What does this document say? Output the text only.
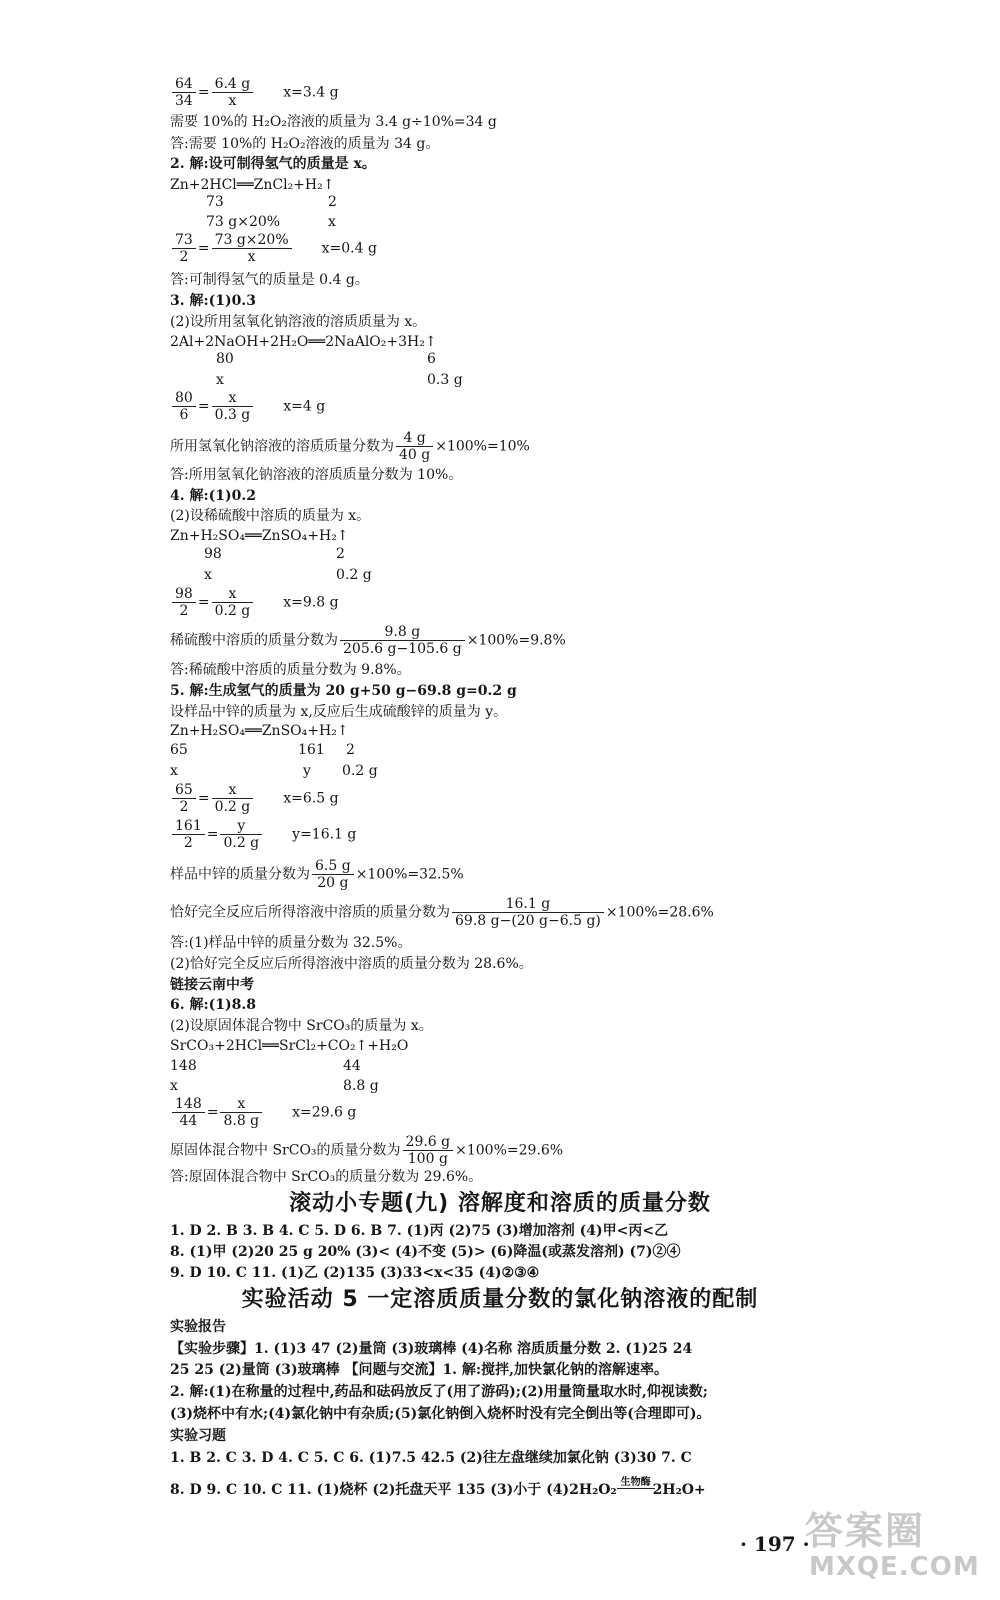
$\frac{64}{34} = \frac{6.4 g}{x} x=3.4$ g
需要 10%的 H₂O₂溶液的质量为 3.4 g÷10%=34 g
答:需要 10%的 H₂O₂溶液的质量为 34 g。
2. 解:设可制得氢气的质量是 x。
Zn+2HCl══ZnCl₂+H₂↑
73	2
73 g×20%	x
$\frac{73}{2} = \frac{73 g\times 20\%}{x} x=0.4$ g
答:可制得氢气的质量是 0.4 g。
3. 解:(1)0.3
(2)设所用氢氧化钠溶液的溶质质量为 x。
2Al+2NaOH+2H₂O══2NaAlO₂+3H₂↑
80	6
x	0.3 g
$\frac{80}{6} = \frac{x}{0.3 g} x=4$ g
所用氢氧化钠溶液的溶质质量分数为 $\frac{4 g}{40 g} \times 100\%=10\%$
答:所用氢氧化钠溶液的溶质质量分数为 10%。
4. 解:(1)0.2
(2)设稀硫酸中溶质的质量为 x。
Zn+H₂SO₄══ZnSO₄+H₂↑
98	2
x	0.2 g
$\frac{98}{2} = \frac{x}{0.2 g} x=9.8$ g
稀硫酸中溶质的质量分数为 $\frac{9.8 g}{205.6 g-105.6 g} \times 100\%=9.8\%$
答:稀硫酸中溶质的质量分数为 9.8%。
5. 解:生成氢气的质量为 20 g+50 g−69.8 g=0.2 g
设样品中锌的质量为 x,反应后生成硫酸锌的质量为 y。
Zn+H₂SO₄══ZnSO₄+H₂↑
65	161 2
x	y 0.2 g
$\frac{65}{2} = \frac{x}{0.2 g} x=6.5$ g
$\frac{161}{2} = \frac{y}{0.2 g} y=16.1$ g
样品中锌的质量分数为 $\frac{6.5 g}{20 g} \times 100\%=32.5\%$
恰好完全反应后所得溶液中溶质的质量分数为 $\frac{16.1 g}{69.8 g-(20 g-6.5 g)} \times 100\%=28.6\%$
答:(1)样品中锌的质量分数为 32.5%。
(2)恰好完全反应后所得溶液中溶质的质量分数为 28.6%。
链接云南中考
6. 解:(1)8.8
(2)设原固体混合物中 SrCO₃的质量为 x。
SrCO₃+2HCl══SrCl₂+CO₂↑+H₂O
148	44
x	8.8 g
$\frac{148}{44} = \frac{x}{8.8 g} x=29.6$ g
原固体混合物中 SrCO₃的质量分数为 $\frac{29.6 g}{100 g} \times 100\%=29.6\%$
答:原固体混合物中 SrCO₃的质量分数为 29.6%。
滚动小专题(九) 溶解度和溶质的质量分数
1. D 2. B 3. B 4. C 5. D 6. B 7. (1)丙 (2)75 (3)增加溶剂 (4)甲<丙<乙
8. (1)甲 (2)20 25 g 20% (3)< (4)不变 (5)> (6)降温(或蒸发溶剂) (7)②④
9. D 10. C 11. (1)乙 (2)135 (3)33<x<35 (4)②③④
实验活动 5 一定溶质质量分数的氯化钠溶液的配制
实验报告
【实验步骤】1. (1)3 47 (2)量筒 (3)玻璃棒 (4)名称 溶质质量分数 2. (1)25 24
25 25 (2)量筒 (3)玻璃棒 【问题与交流】1. 解:搅拌,加快氯化钠的溶解速率。
2. 解:(1)在称量的过程中,药品和砝码放反了(用了游码);(2)用量筒量取水时,仰视读数;
(3)烧杯中有水;(4)氯化钠中有杂质;(5)氯化钠倒入烧杯时没有完全倒出等(合理即可)。
实验习题
1. B 2. C 3. D 4. C 5. C 6. (1)7.5 42.5 (2)往左盘继续加氯化钠 (3)30 7. C
8. D 9. C 10. C 11. (1)烧杯 (2)托盘天平 135 (3)小于 (4)2H₂O₂ 生物酶 2H₂O+
· 197 ·
答案圈
MXQE.COM
